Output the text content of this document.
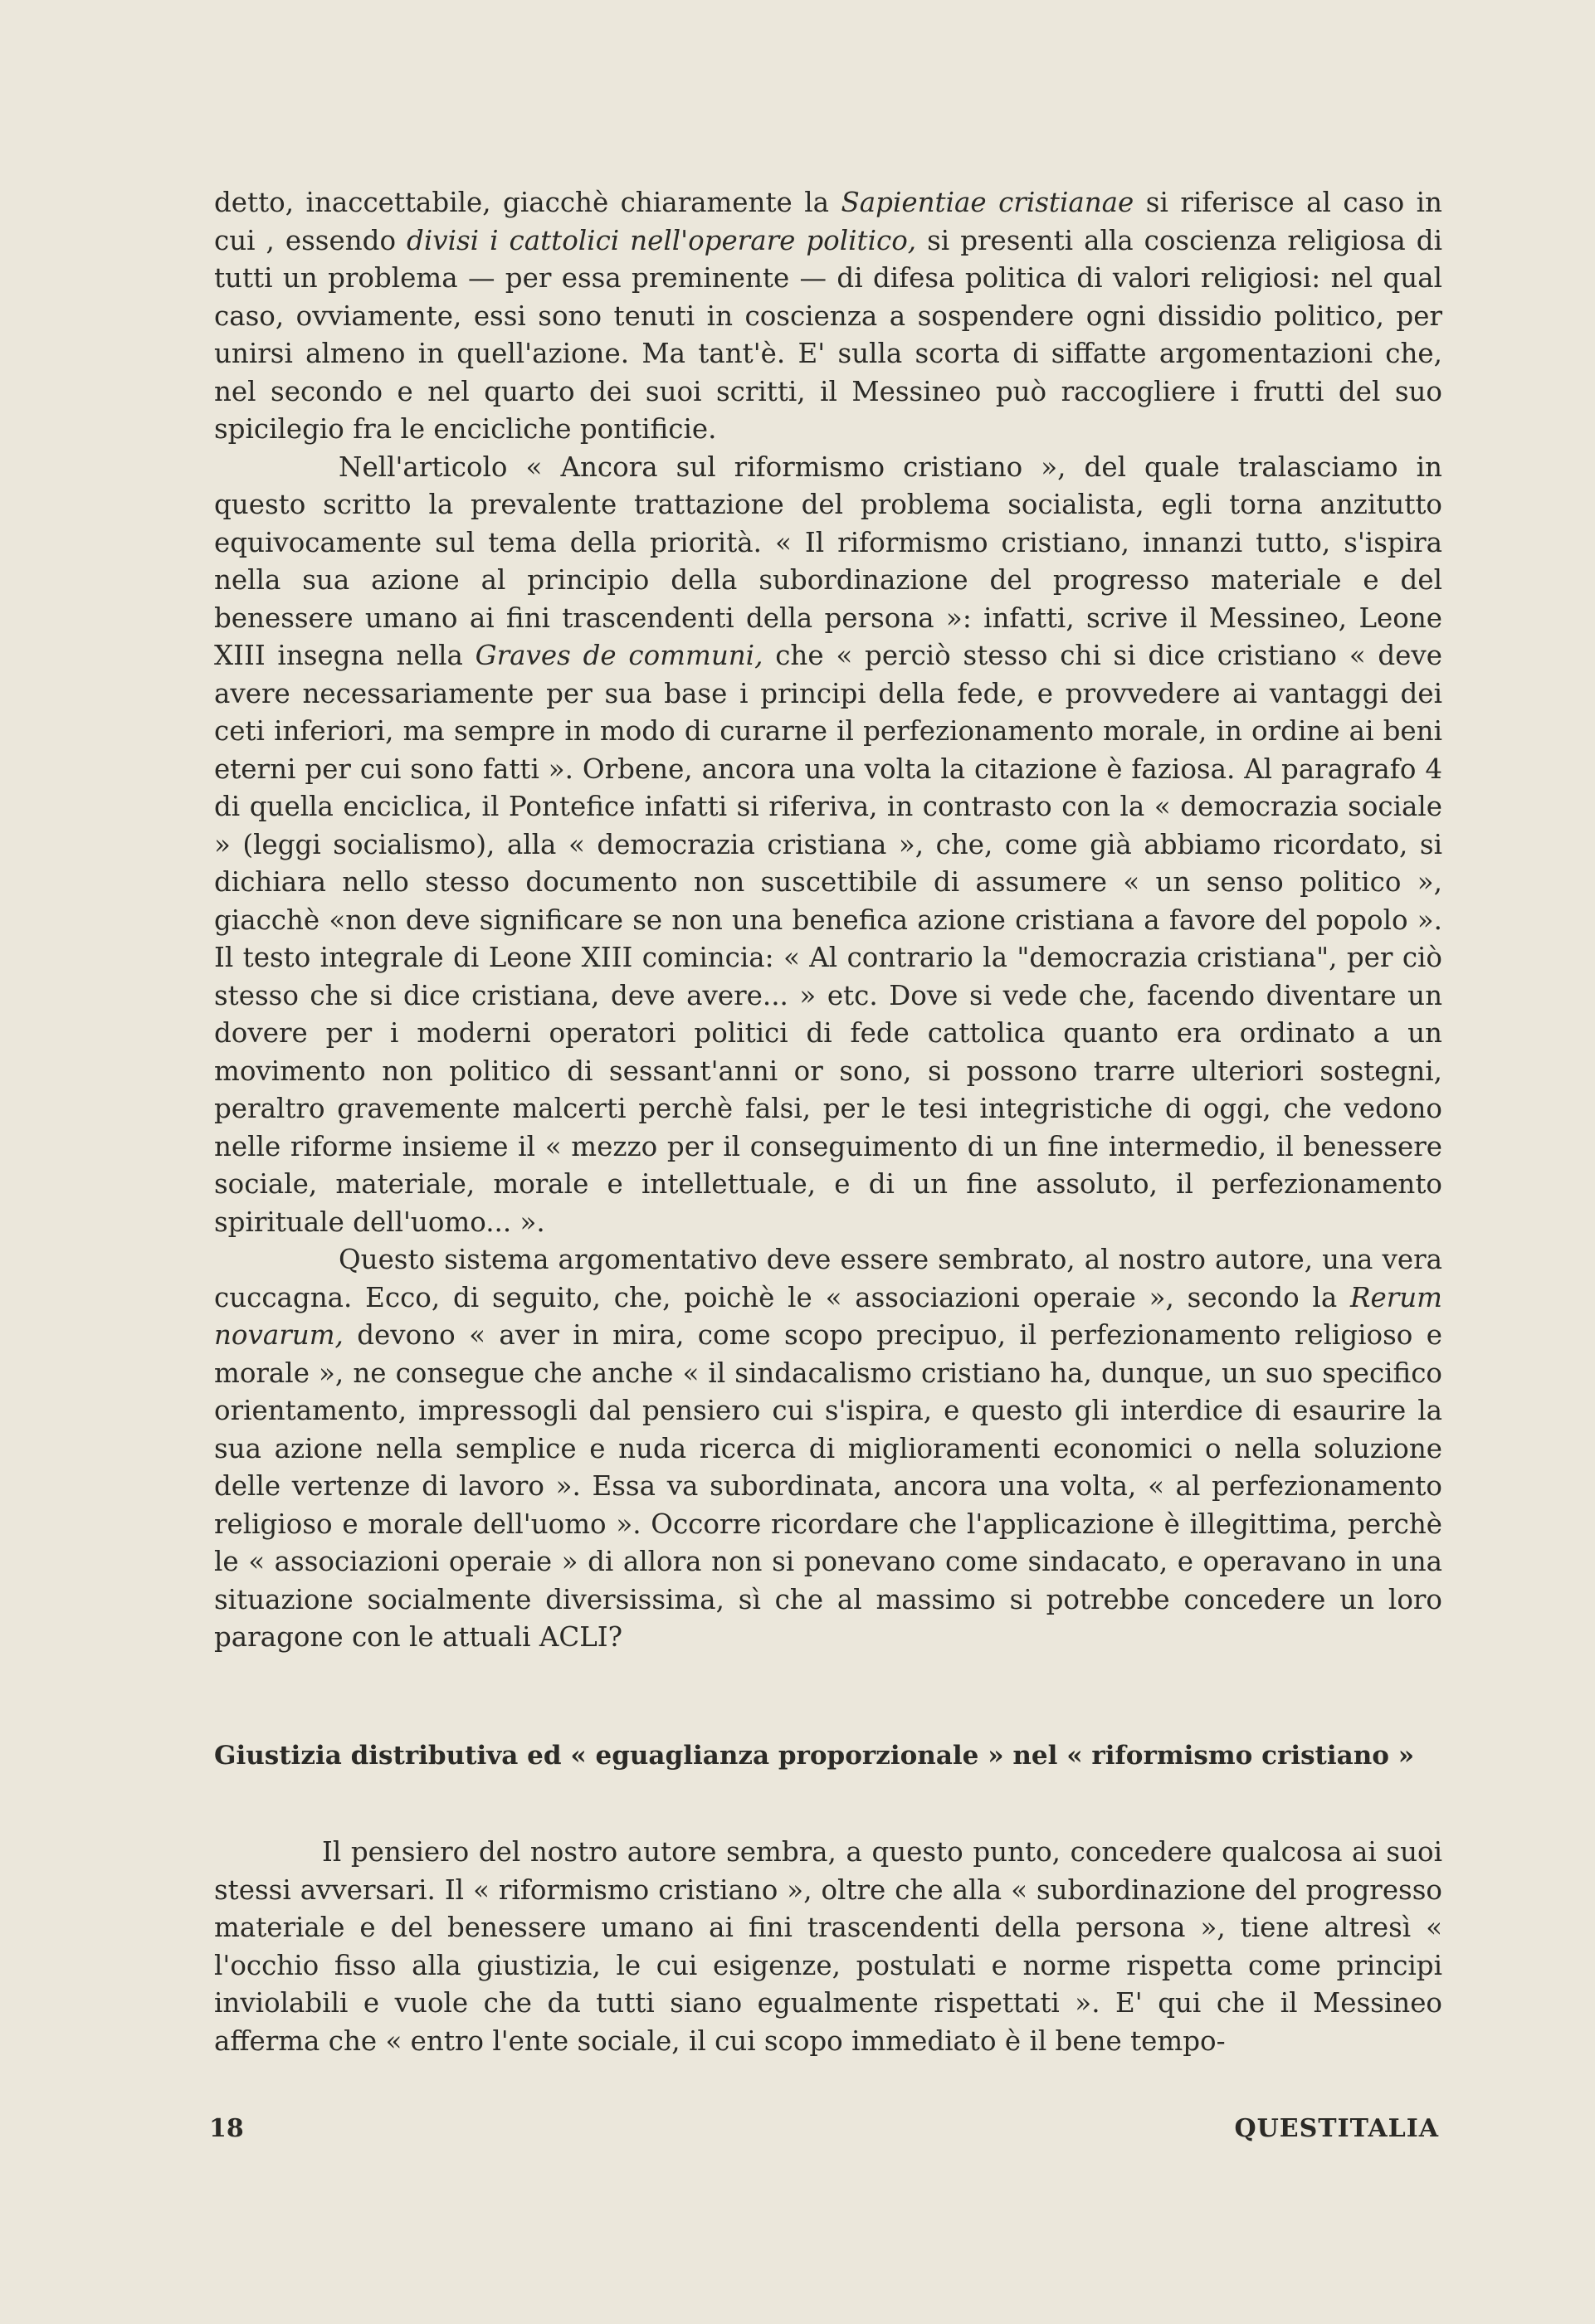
detto, inaccettabile, giacchè chiaramente la Sapientiae cristianae si riferisce al caso in cui , essendo divisi i cattolici nell'operare politico, si presenti alla coscienza religiosa di tutti un problema — per essa preminente — di difesa politica di valori religiosi: nel qual caso, ovviamente, essi sono tenuti in coscienza a sospendere ogni dissidio politico, per unirsi almeno in quell'azione. Ma tant'è. E' sulla scorta di siffatte argomentazioni che, nel secondo e nel quarto dei suoi scritti, il Messineo può raccogliere i frutti del suo spicilegio fra le encicliche pontificie.

Nell'articolo « Ancora sul riformismo cristiano », del quale tralasciamo in questo scritto la prevalente trattazione del problema socialista, egli torna anzitutto equivocamente sul tema della priorità. « Il riformismo cristiano, innanzi tutto, s'ispira nella sua azione al principio della subordinazione del progresso materiale e del benessere umano ai fini trascendenti della persona »: infatti, scrive il Messineo, Leone XIII insegna nella Graves de communi, che « perciò stesso chi si dice cristiano « deve avere necessariamente per sua base i principi della fede, e provvedere ai vantaggi dei ceti inferiori, ma sempre in modo di curarne il perfezionamento morale, in ordine ai beni eterni per cui sono fatti ». Orbene, ancora una volta la citazione è faziosa. Al paragrafo 4 di quella enciclica, il Pontefice infatti si riferiva, in contrasto con la « democrazia sociale » (leggi socialismo), alla « democrazia cristiana », che, come già abbiamo ricordato, si dichiara nello stesso documento non suscettibile di assumere « un senso politico », giacchè «non deve significare se non una benefica azione cristiana a favore del popolo ». Il testo integrale di Leone XIII comincia: « Al contrario la "democrazia cristiana", per ciò stesso che si dice cristiana, deve avere... » etc. Dove si vede che, facendo diventare un dovere per i moderni operatori politici di fede cattolica quanto era ordinato a un movimento non politico di sessant'anni or sono, si possono trarre ulteriori sostegni, peraltro gravemente malcerti perchè falsi, per le tesi integristiche di oggi, che vedono nelle riforme insieme il « mezzo per il conseguimento di un fine intermedio, il benessere sociale, materiale, morale e intellettuale, e di un fine assoluto, il perfezionamento spirituale dell'uomo... ».

Questo sistema argomentativo deve essere sembrato, al nostro autore, una vera cuccagna. Ecco, di seguito, che, poichè le « associazioni operaie », secondo la Rerum novarum, devono « aver in mira, come scopo precipuo, il perfezionamento religioso e morale », ne consegue che anche « il sindacalismo cristiano ha, dunque, un suo specifico orientamento, impressogli dal pensiero cui s'ispira, e questo gli interdice di esaurire la sua azione nella semplice e nuda ricerca di miglioramenti economici o nella soluzione delle vertenze di lavoro ». Essa va subordinata, ancora una volta, « al perfezionamento religioso e morale dell'uomo ». Occorre ricordare che l'applicazione è illegittima, perchè le « associazioni operaie » di allora non si ponevano come sindacato, e operavano in una situazione socialmente diversissima, sì che al massimo si potrebbe concedere un loro paragone con le attuali ACLI?

Giustizia distributiva ed « eguaglianza proporzionale » nel « riformismo cristiano »

Il pensiero del nostro autore sembra, a questo punto, concedere qualcosa ai suoi stessi avversari. Il « riformismo cristiano », oltre che alla « subordinazione del progresso materiale e del benessere umano ai fini trascendenti della persona », tiene altresì « l'occhio fisso alla giustizia, le cui esigenze, postulati e norme rispetta come principi inviolabili e vuole che da tutti siano egualmente rispettati ». E' qui che il Messineo afferma che « entro l'ente sociale, il cui scopo immediato è il bene tempo-

18	QUESTITALIA
